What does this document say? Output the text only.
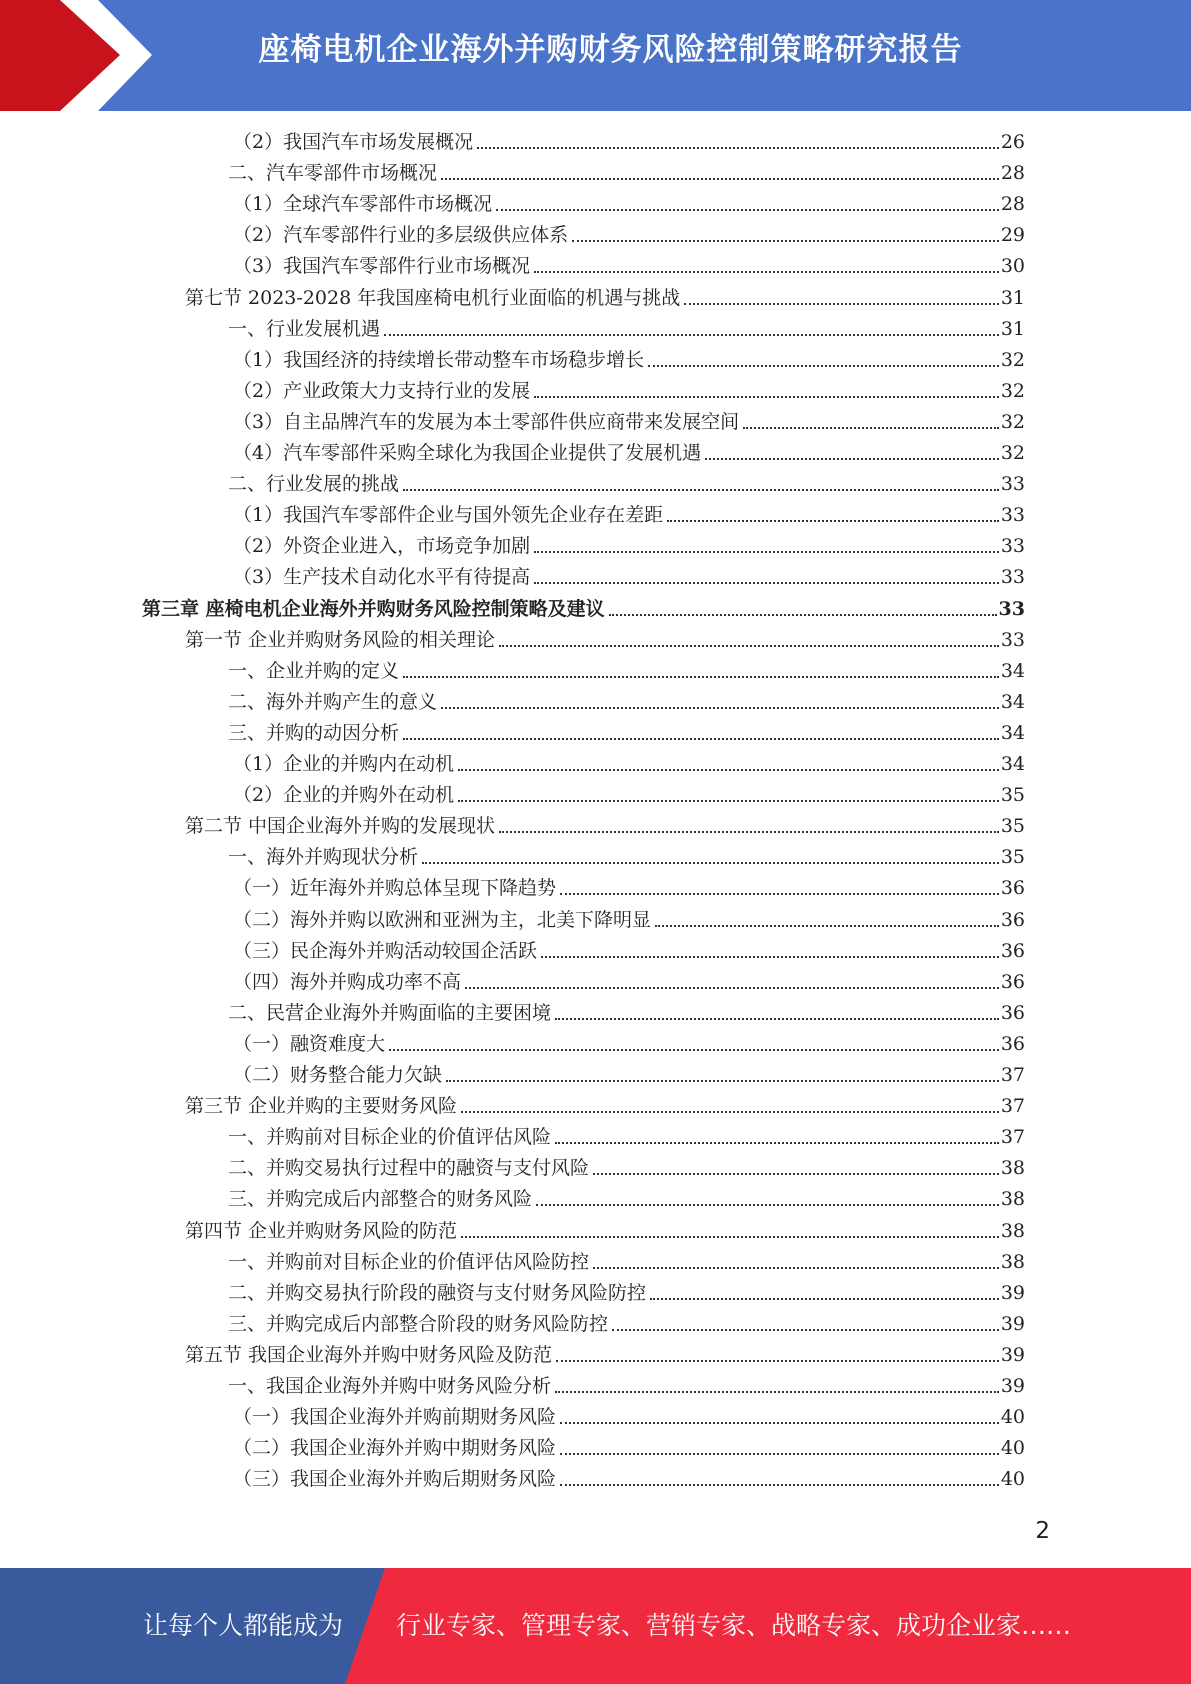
座椅电机企业海外并购财务风险控制策略研究报告
（2）我国汽车市场发展概况	26
二、汽车零部件市场概况	28
（1）全球汽车零部件市场概况	28
（2）汽车零部件行业的多层级供应体系	29
（3）我国汽车零部件行业市场概况	30
第七节 2023-2028 年我国座椅电机行业面临的机遇与挑战	31
一、行业发展机遇	31
（1）我国经济的持续增长带动整车市场稳步增长	32
（2）产业政策大力支持行业的发展	32
（3）自主品牌汽车的发展为本土零部件供应商带来发展空间	32
（4）汽车零部件采购全球化为我国企业提供了发展机遇	32
二、行业发展的挑战	33
（1）我国汽车零部件企业与国外领先企业存在差距	33
（2）外资企业进入，市场竞争加剧	33
（3）生产技术自动化水平有待提高	33
第三章 座椅电机企业海外并购财务风险控制策略及建议	33
第一节 企业并购财务风险的相关理论	33
一、企业并购的定义	34
二、海外并购产生的意义	34
三、并购的动因分析	34
（1）企业的并购内在动机	34
（2）企业的并购外在动机	35
第二节 中国企业海外并购的发展现状	35
一、海外并购现状分析	35
（一）近年海外并购总体呈现下降趋势	36
（二）海外并购以欧洲和亚洲为主，北美下降明显	36
（三）民企海外并购活动较国企活跃	36
（四）海外并购成功率不高	36
二、民营企业海外并购面临的主要困境	36
（一）融资难度大	36
（二）财务整合能力欠缺	37
第三节 企业并购的主要财务风险	37
一、并购前对目标企业的价值评估风险	37
二、并购交易执行过程中的融资与支付风险	38
三、并购完成后内部整合的财务风险	38
第四节 企业并购财务风险的防范	38
一、并购前对目标企业的价值评估风险防控	38
二、并购交易执行阶段的融资与支付财务风险防控	39
三、并购完成后内部整合阶段的财务风险防控	39
第五节 我国企业海外并购中财务风险及防范	39
一、我国企业海外并购中财务风险分析	39
（一）我国企业海外并购前期财务风险	40
（二）我国企业海外并购中期财务风险	40
（三）我国企业海外并购后期财务风险	40
2
让每个人都能成为 行业专家、管理专家、营销专家、战略专家、成功企业家……
